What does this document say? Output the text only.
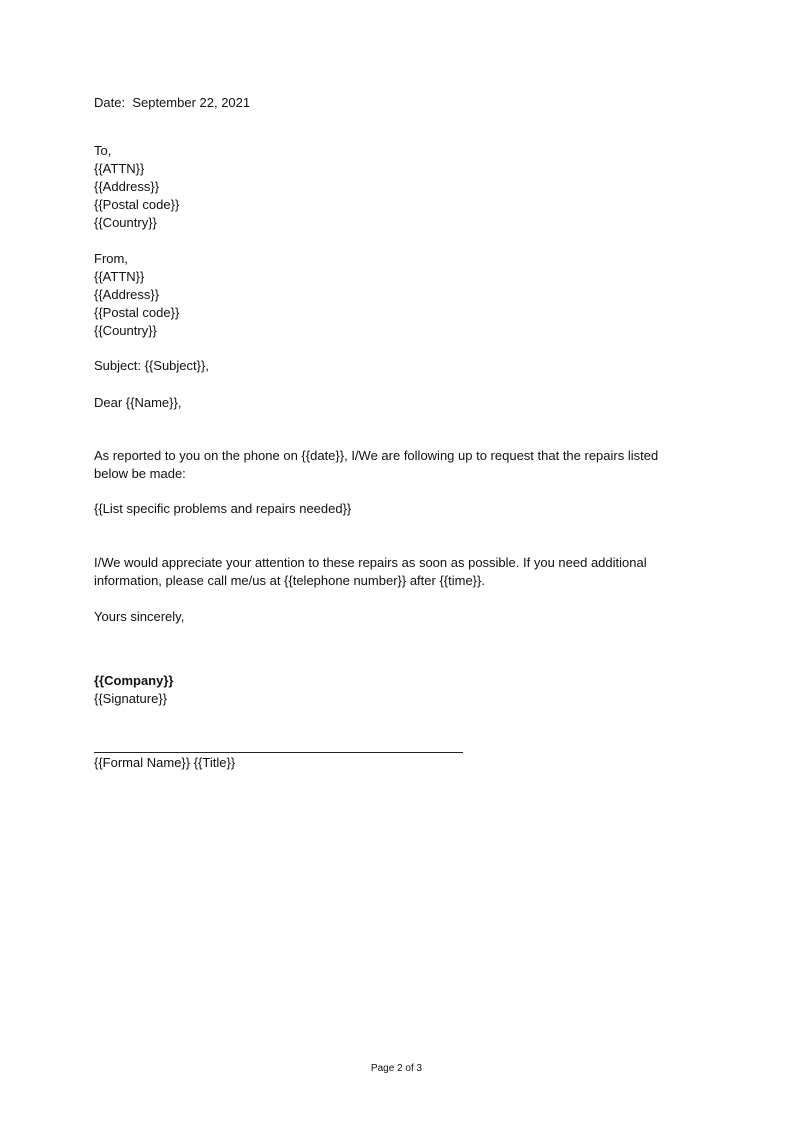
Date: September 22, 2021
To,
{{ATTN}}
{{Address}}
{{Postal code}}
{{Country}}
From,
{{ATTN}}
{{Address}}
{{Postal code}}
{{Country}}
Subject: {{Subject}},
Dear {{Name}},
As reported to you on the phone on {{date}}, I/We are following up to request that the repairs listed below be made:
{{List specific problems and repairs needed}}
I/We would appreciate your attention to these repairs as soon as possible. If you need additional information, please call me/us at {{telephone number}} after {{time}}.
Yours sincerely,
{{Company}}
{{Signature}}
{{Formal Name}} {{Title}}
Page 2 of 3
